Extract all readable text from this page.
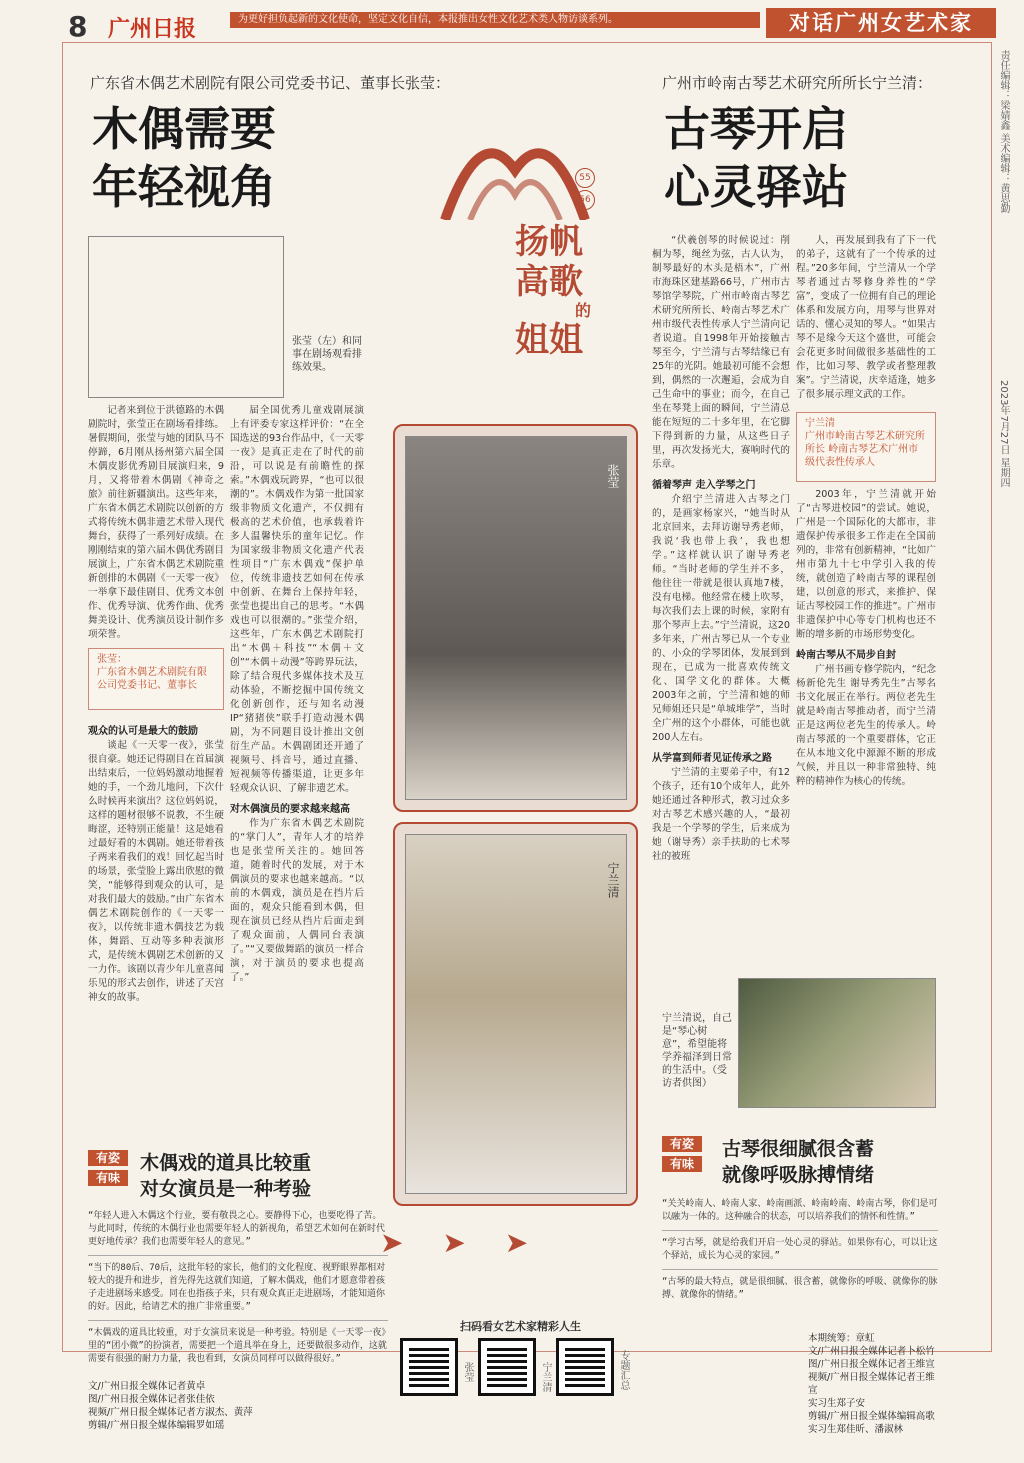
8 广州日报	为更好担负起新的文化使命，坚定文化自信，本报推出女性文化艺术类人物访谈系列。	对话广州女艺术家
责任编辑：梁婧鑫 美术编辑：黄思勤
2023年7月27日 星期四
广东省木偶艺术剧院有限公司党委书记、董事长张莹：
木偶需要
年轻视角
张莹（左）和同事在剧场观看排练效果。

记者来到位于洪德路的木偶剧院时，张莹正在剧场看排练。暑假期间，张莹与她的团队马不停蹄，6月刚从扬州第六届全国木偶皮影优秀剧目展演归来，9月，又将带着木偶剧《神奇之旅》前往新疆演出。这些年来，广东省木偶艺术剧院以创新的方式将传统木偶非遗艺术带入现代舞台，获得了一系列好成绩。在刚刚结束的第六届木偶优秀剧目展演上，广东省木偶艺术剧院重新创排的木偶剧《一天零一夜》一举拿下最佳剧目、优秀文本创作、优秀导演、优秀作曲、优秀舞美设计、优秀演员设计制作多项荣誉。

张莹：
广东省木偶艺术剧院有限公司党委书记、董事长
观众的认可是最大的鼓励

谈起《一天零一夜》，张莹很自豪。她还记得剧目在首届演出结束后，一位妈妈激动地握着她的手，一个劲儿地问，下次什么时候再来演出？这位妈妈说，这样的题材很够不说教，不生硬晦涩，还特别正能量！这是她看过最好看的木偶剧。她还带着孩子两来看我们的戏！回忆起当时的场景，张莹脸上露出欣慰的微笑，“能够得到观众的认可，是对我们最大的鼓励。”由广东省木偶艺术剧院创作的《一天零一夜》，以传统非遗木偶技艺为载体，舞蹈、互动等多种表演形式，是传统木偶剧艺术创新的又一力作。该剧以青少年儿童喜闻乐见的形式去创作，讲述了天宫神女的故事。

届全国优秀儿童戏剧展演上有评委专家这样评价：“在全国选送的93台作品中，《一天零一夜》是真正走在了时代的前沿，可以说是有前瞻性的探索。”木偶戏玩跨界，“也可以很潮的”。木偶戏作为第一批国家级非物质文化遗产，不仅拥有极高的艺术价值，也承载着许多人温馨快乐的童年记忆。作为国家级非物质文化遗产代表性项目“广东木偶戏”保护单位，传统非遗技艺如何在传承中创新、在舞台上保持年轻，张莹也提出自己的思考。“木偶戏也可以很潮的。”张莹介绍，这些年，广东木偶艺术剧院打出“木偶＋科技”“木偶＋文创”“木偶＋动漫”等跨界玩法，除了结合現代多媒体技术及互动体验，不断挖掘中国传统文化创新创作，还与知名动漫IP“猪猪侠”联手打造动漫木偶剧，为不同题目设计推出文创衍生产品。木偶剧团还开通了视频号、抖音号，通过直播、短视频等传播渠道，让更多年轻观众认识、了解非遗艺术。

对木偶演员的要求越来越高

作为广东省木偶艺术剧院的“掌门人”，青年人才的培养也是张莹所关注的。她回答道，随着时代的发展，对于木偶演员的要求也越来越高。“以前的木偶戏，演员是在挡片后面的，观众只能看到木偶，但现在演员已经从挡片后面走到了观众面前，人偶同台表演了。”“又要做舞蹈的演员一样合演，对于演员的要求也提高了。”

有姿
有味
木偶戏的道具比较重
对女演员是一种考验
“年轻人进入木偶这个行业，要有敬畏之心。要静得下心，也要吃得了苦。与此同时，传统的木偶行业也需要年轻人的新视角，希望艺术如何在新时代更好地传承？我们也需要年轻人的意见。”
“当下的80后、70后，这批年轻的家长，他们的文化程度、视野眼界都相对较大的提升和进步，首先得先这就们知道，了解木偶戏，他们才愿意带着孩子走进剧场来感受。同在也指孩子来，只有观众真正走进剧场，才能知道你的好。因此，给请艺术的推广非常重要。”
“木偶戏的道具比较重，对于女演员来说是一种考验。特别是《一天零一夜》里的“团小微”的扮演者，需要把一个道具举在身上，还要做很多动作，这就需要有很强的耐力力量，我也看到，女演员同样可以做得很好。”
文/广州日报全媒体记者黄卓
图/广州日报全媒体记者张佳依
视频/广州日报全媒体记者方淑杰、黄萍
剪辑/广州日报全媒体编辑罗如瑶
55
56
扬帆
高歌
的
姐姐
张莹
宁兰清
➤ ➤ ➤
广州市岭南古琴艺术研究所所长宁兰清：
古琴开启
心灵驿站

“伏羲创琴的时候说过：削桐为琴，绳丝为弦，古人认为，制琴最好的木头是梧木”，广州市海珠区建基路66号，广州市古琴馆学琴院，广州市岭南古琴艺术研究所所长、岭南古琴艺术广州市级代表性传承人宁兰清向记者说道。自1998年开始接触古琴至今，宁兰清与古琴结缘已有25年的光阴。她最初可能不会想到，偶然的一次邂逅，会成为自己生命中的事业；而今，在自己坐在琴凳上面的瞬间，宁兰清总能在短短的二十多年里，在它脚下得到新的力量，从这些日子里，再次发扬光大，赛响时代的乐章。

循着琴声 走入学琴之门

介绍宁兰清进入古琴之门的，是画家杨家兴，“她当时从北京回来，去拜访谢导秀老师，我说‘我也带上我’，我也想学。”这样就认识了谢导秀老师。“当时老师的学生并不多，他往往一带就是很认真地7楼，没有电梯。他经常在楼上吹琴，每次我们去上课的时候，家附有那个琴声上去。”宁兰清说，这20多年来，广州古琴已从一个专业的、小众的学琴团体，发展到到现在，已成为一批喜欢传统文化、国学文化的群体。大概2003年之前，宁兰清和她的师兄师姐还只是“单城堆学”，当时全广州的这个小群体，可能也就200人左右。

从学富到师者见证传承之路

宁兰清的主要弟子中，有12个孩子，还有10个成年人，此外她还通过各种形式，教习过众多对古琴艺术感兴趣的人，“最初我是一个学琴的学生，后来成为她（谢导秀）亲手扶助的七术琴社的被班

人，再发展到我有了下一代的弟子，这就有了一个传承的过程。”20多年间，宁兰清从一个学琴者通过古琴修身养性的“学富”，变成了一位拥有自己的理论体系和发展方向，用琴与世界对话的、懂心灵知的琴人。“如果古琴不是缘今天这个盛世，可能会会花更多时间做很多基础性的工作，比如习琴、教学或者整理教案”。宁兰清说，庆幸适逢，她多了很多展示理文武的工作。

宁兰清
广州市岭南古琴艺术研究所所长 岭南古琴艺术广州市级代表性传承人

2003年，宁兰清就开始了“古琴进校园”的尝试。她说，广州是一个国际化的大都市，非遗保护传承很多工作走在全国前列的，非常有创新精神，“比如广州市第九十七中学引入我的传统，就创造了岭南古琴的课程创建，以创意的形式，来推护、保证古琴校园工作的推进”。广州市非遗保护中心等专门机构也还不断的增多新的市场形势变化。

岭南古琴从不局步自封

广州书画专修学院内，“纪念杨新伦先生 谢导秀先生”古琴名书文化展正在举行。两位老先生就是岭南古琴推动者，而宁兰清正是这两位老先生的传承人。岭南古琴派的一个重要群体，它正在从本地文化中源源不断的形成气候，并且以一种非常独特、纯粹的精神作为核心的传统。

宁兰清说，自己是“琴心树意”，希望能将学养福泽到日常的生活中。（受访者供图）
有姿
有味
古琴很细腻很含蓄
就像呼吸脉搏情绪
“关关岭南人、岭南人家、岭南画派、岭南岭南、岭南古琴，你们是可以融为一体的。这种融合的状态，可以培养我们的情怀和性情。”
“学习古琴，就是给我们开启一处心灵的驿站。如果你有心，可以让这个驿站，成长为心灵的家园。”
“古琴的最大特点，就是很细腻、很含蓄，就像你的呼吸、就像你的脉搏、就像你的情绪。”
本期统筹：章虹
文/广州日报全媒体记者卜松竹
图/广州日报全媒体记者王维宣
视频/广州日报全媒体记者王维宣
实习生郑子安
剪辑/广州日报全媒体编辑高歌
实习生郑佳昕、潘淑林
扫码看女艺术家精彩人生
张莹	宁兰清	专题汇总
